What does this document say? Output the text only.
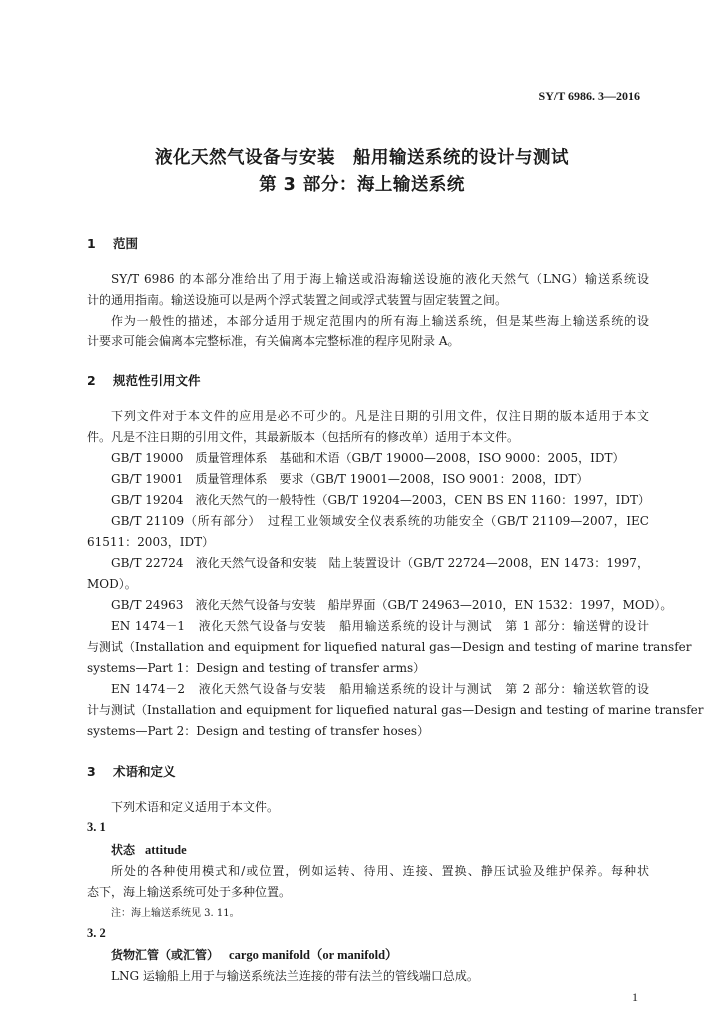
SY/T 6986. 3—2016
液化天然气设备与安装　船用输送系统的设计与测试
第 3 部分：海上输送系统
1 范围
SY/T 6986 的本部分准给出了用于海上输送或沿海输送设施的液化天然气（LNG）输送系统设
计的通用指南。输送设施可以是两个浮式装置之间或浮式装置与固定装置之间。
作为一般性的描述，本部分适用于规定范围内的所有海上输送系统，但是某些海上输送系统的设
计要求可能会偏离本完整标准，有关偏离本完整标准的程序见附录 A。
2 规范性引用文件
下列文件对于本文件的应用是必不可少的。凡是注日期的引用文件，仅注日期的版本适用于本文
件。凡是不注日期的引用文件，其最新版本（包括所有的修改单）适用于本文件。
GB/T 19000　质量管理体系　基础和术语（GB/T 19000—2008，ISO 9000：2005，IDT）
GB/T 19001　质量管理体系　要求（GB/T 19001—2008，ISO 9001：2008，IDT）
GB/T 19204　液化天然气的一般特性（GB/T 19204—2003，CEN BS EN 1160：1997，IDT）
GB/T 21109（所有部分）　过程工业领域安全仪表系统的功能安全（GB/T 21109—2007，IEC
61511：2003，IDT）
GB/T 22724　液化天然气设备和安装　陆上装置设计（GB/T 22724—2008，EN 1473：1997，
MOD）。
GB/T 24963　液化天然气设备与安装　船岸界面（GB/T 24963—2010，EN 1532：1997，MOD）。
EN 1474－1　液化天然气设备与安装　船用输送系统的设计与测试　第 1 部分：输送臂的设计
与测试（Installation and equipment for liquefied natural gas—Design and testing of marine transfer
systems—Part 1：Design and testing of transfer arms）
EN 1474－2　液化天然气设备与安装　船用输送系统的设计与测试　第 2 部分：输送软管的设
计与测试（Installation and equipment for liquefied natural gas—Design and testing of marine transfer
systems—Part 2：Design and testing of transfer hoses）
3 术语和定义
下列术语和定义适用于本文件。
3. 1
状态 attitude
所处的各种使用模式和/或位置，例如运转、待用、连接、置换、静压试验及维护保养。每种状
态下，海上输送系统可处于多种位置。
注：海上输送系统见 3. 11。
3. 2
货物汇管（或汇管） cargo manifold（or manifold）
LNG 运输船上用于与输送系统法兰连接的带有法兰的管线端口总成。
1
